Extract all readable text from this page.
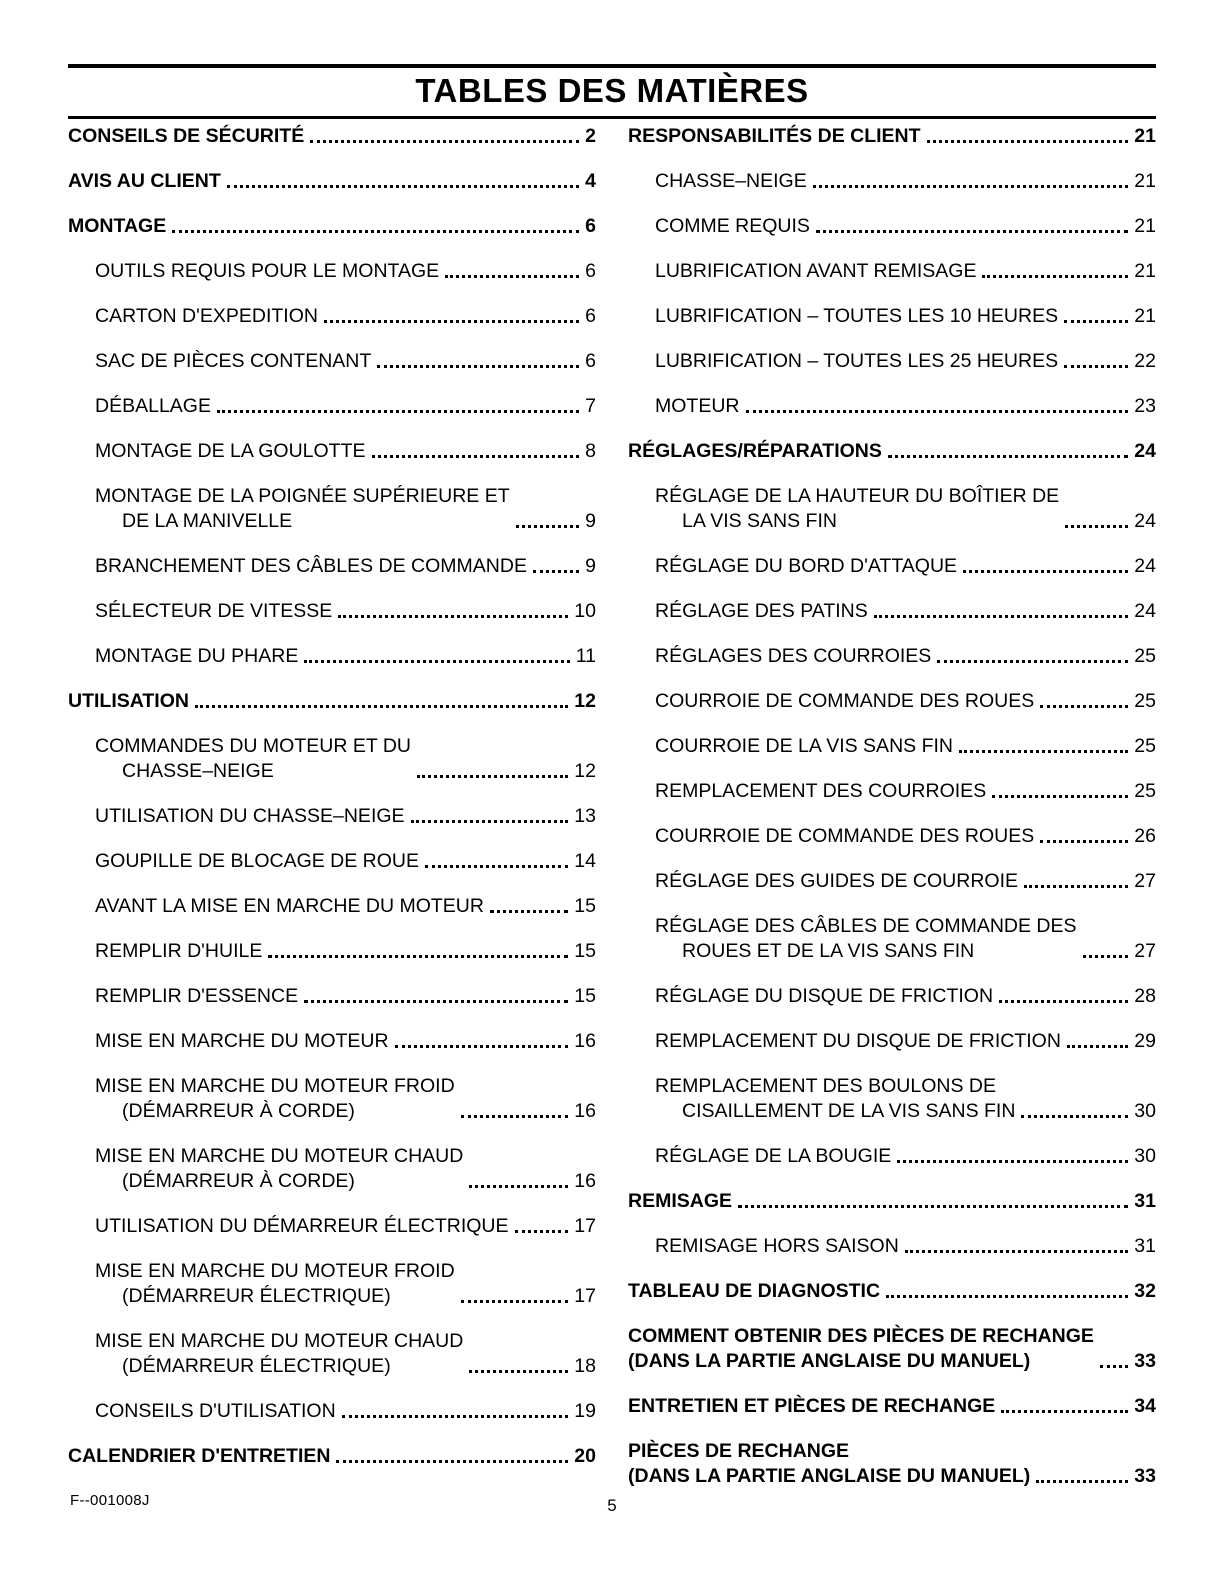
TABLES DES MATIÈRES
CONSEILS DE SÉCURITÉ	2
AVIS AU CLIENT	4
MONTAGE	6
OUTILS REQUIS POUR LE MONTAGE	6
CARTON D'EXPEDITION	6
SAC DE PIÈCES CONTENANT	6
DÉBALLAGE	7
MONTAGE DE LA GOULOTTE	8
MONTAGE DE LA POIGNÉE SUPÉRIEURE ET
DE LA MANIVELLE	9
BRANCHEMENT DES CÂBLES DE COMMANDE	9
SÉLECTEUR DE VITESSE	10
MONTAGE DU PHARE	11
UTILISATION	12
COMMANDES DU MOTEUR ET DU
CHASSE–NEIGE	12
UTILISATION DU CHASSE–NEIGE	13
GOUPILLE DE BLOCAGE DE ROUE	14
AVANT LA MISE EN MARCHE DU MOTEUR	15
REMPLIR D'HUILE	15
REMPLIR D'ESSENCE	15
MISE EN MARCHE DU MOTEUR	16
MISE EN MARCHE DU MOTEUR FROID
(DÉMARREUR À CORDE)	16
MISE EN MARCHE DU MOTEUR CHAUD
(DÉMARREUR À CORDE)	16
UTILISATION DU DÉMARREUR ÉLECTRIQUE	17
MISE EN MARCHE DU MOTEUR FROID
(DÉMARREUR ÉLECTRIQUE)	17
MISE EN MARCHE DU MOTEUR CHAUD
(DÉMARREUR ÉLECTRIQUE)	18
CONSEILS D'UTILISATION	19
CALENDRIER D'ENTRETIEN	20
RESPONSABILITÉS DE CLIENT	21
CHASSE–NEIGE	21
COMME REQUIS	21
LUBRIFICATION AVANT REMISAGE	21
LUBRIFICATION – TOUTES LES 10 HEURES	21
LUBRIFICATION – TOUTES LES 25 HEURES	22
MOTEUR	23
RÉGLAGES/RÉPARATIONS	24
RÉGLAGE DE LA HAUTEUR DU BOÎTIER DE
LA VIS SANS FIN	24
RÉGLAGE DU BORD D'ATTAQUE	24
RÉGLAGE DES PATINS	24
RÉGLAGES DES COURROIES	25
COURROIE DE COMMANDE DES ROUES	25
COURROIE DE LA VIS SANS FIN	25
REMPLACEMENT DES COURROIES	25
COURROIE DE COMMANDE DES ROUES	26
RÉGLAGE DES GUIDES DE COURROIE	27
RÉGLAGE DES CÂBLES DE COMMANDE DES
ROUES ET DE LA VIS SANS FIN	27
RÉGLAGE DU DISQUE DE FRICTION	28
REMPLACEMENT DU DISQUE DE FRICTION	29
REMPLACEMENT DES BOULONS DE
CISAILLEMENT DE LA VIS SANS FIN	30
RÉGLAGE DE LA BOUGIE	30
REMISAGE	31
REMISAGE HORS SAISON	31
TABLEAU DE DIAGNOSTIC	32
COMMENT OBTENIR DES PIÈCES DE RECHANGE
(DANS LA PARTIE ANGLAISE DU MANUEL)	33
ENTRETIEN ET PIÈCES DE RECHANGE	34
PIÈCES DE RECHANGE
(DANS LA PARTIE ANGLAISE DU MANUEL)	33
F--001008J	5
